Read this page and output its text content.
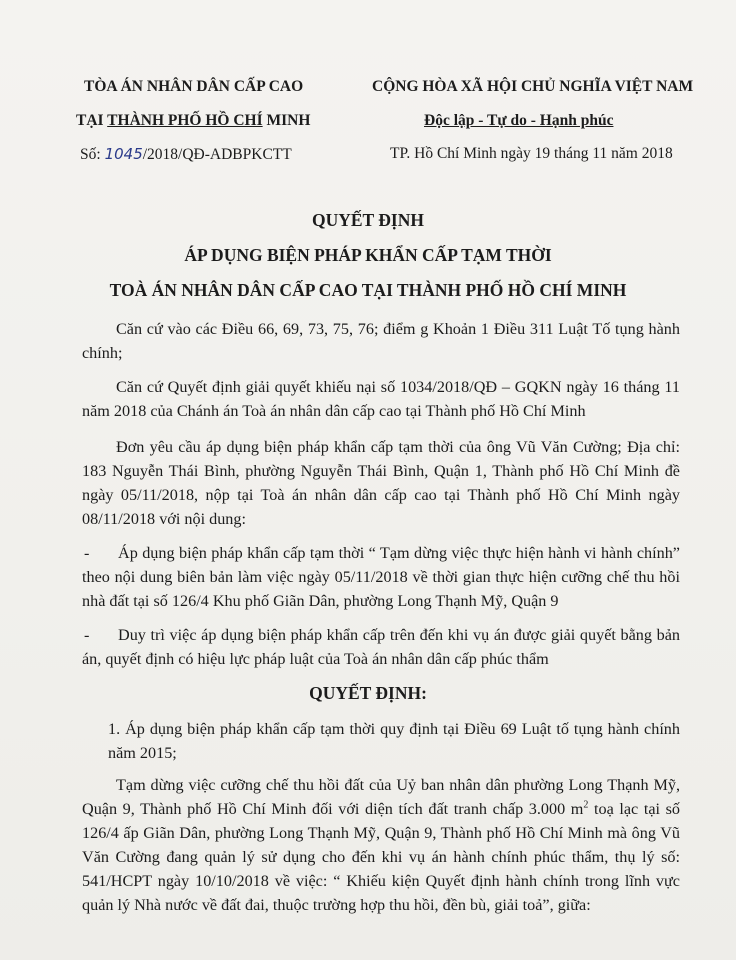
TÒA ÁN NHÂN DÂN CẤP CAO
TẠI THÀNH PHỐ HỒ CHÍ MINH
Số: 1045/2018/QĐ-ADBPKCTT
CỘNG HÒA XÃ HỘI CHỦ NGHĨA VIỆT NAM
Độc lập - Tự do - Hạnh phúc
TP. Hồ Chí Minh ngày 19 tháng 11 năm 2018
QUYẾT ĐỊNH
ÁP DỤNG BIỆN PHÁP KHẨN CẤP TẠM THỜI
TOÀ ÁN NHÂN DÂN CẤP CAO TẠI THÀNH PHỐ HỒ CHÍ MINH

Căn cứ vào các Điều 66, 69, 73, 75, 76; điểm g Khoản 1 Điều 311 Luật Tố tụng hành chính;

Căn cứ Quyết định giải quyết khiếu nại số 1034/2018/QĐ – GQKN ngày 16 tháng 11 năm 2018 của Chánh án Toà án nhân dân cấp cao tại Thành phố Hồ Chí Minh

Đơn yêu cầu áp dụng biện pháp khẩn cấp tạm thời của ông Vũ Văn Cường; Địa chỉ: 183 Nguyễn Thái Bình, phường Nguyễn Thái Bình, Quận 1, Thành phố Hồ Chí Minh đề ngày 05/11/2018, nộp tại Toà án nhân dân cấp cao tại Thành phố Hồ Chí Minh ngày 08/11/2018 với nội dung:

-	Áp dụng biện pháp khẩn cấp tạm thời “ Tạm dừng việc thực hiện hành vi hành chính” theo nội dung biên bản làm việc ngày 05/11/2018 về thời gian thực hiện cưỡng chế thu hồi nhà đất tại số 126/4 Khu phố Giãn Dân, phường Long Thạnh Mỹ, Quận 9

-	Duy trì việc áp dụng biện pháp khẩn cấp trên đến khi vụ án được giải quyết bằng bản án, quyết định có hiệu lực pháp luật của Toà án nhân dân cấp phúc thẩm

QUYẾT ĐỊNH:

1. Áp dụng biện pháp khẩn cấp tạm thời quy định tại Điều 69 Luật tố tụng hành chính năm 2015;

Tạm dừng việc cưỡng chế thu hồi đất của Uỷ ban nhân dân phường Long Thạnh Mỹ, Quận 9, Thành phố Hồ Chí Minh đối với diện tích đất tranh chấp 3.000 $m^2$ toạ lạc tại số 126/4 ấp Giãn Dân, phường Long Thạnh Mỹ, Quận 9, Thành phố Hồ Chí Minh mà ông Vũ Văn Cường đang quản lý sử dụng cho đến khi vụ án hành chính phúc thẩm, thụ lý số: 541/HCPT ngày 10/10/2018 về việc: “ Khiếu kiện Quyết định hành chính trong lĩnh vực quản lý Nhà nước về đất đai, thuộc trường hợp thu hồi, đền bù, giải toả”, giữa:
